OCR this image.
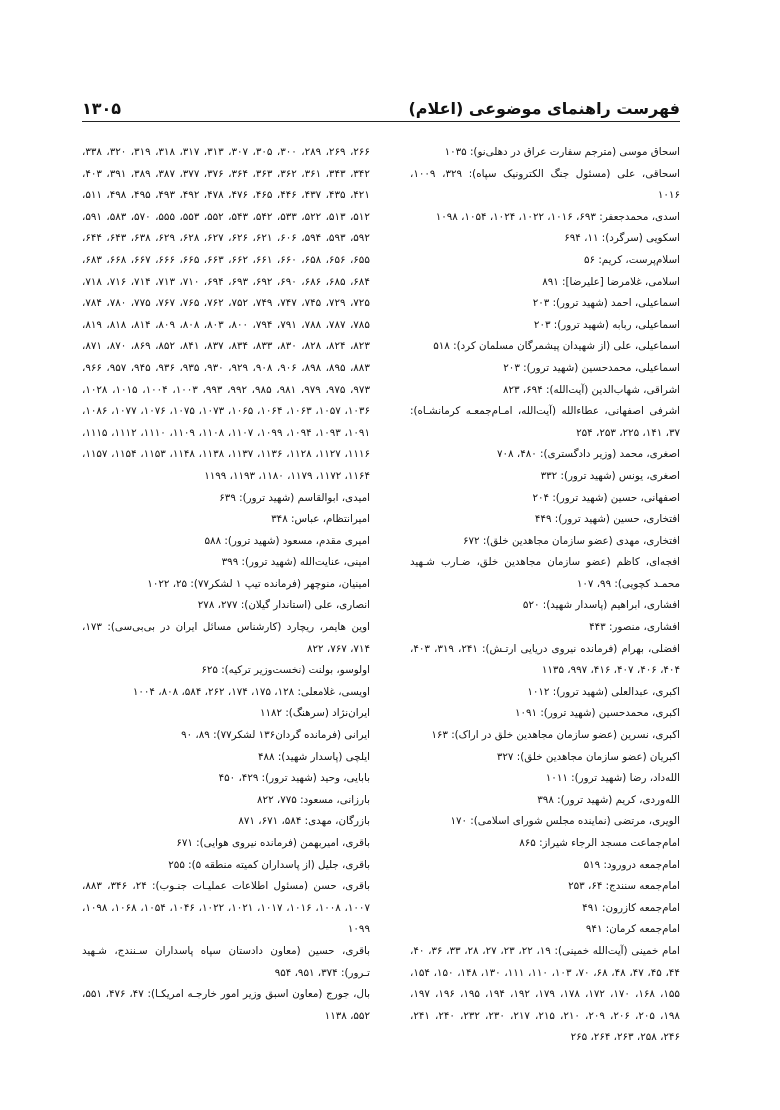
فهرست راهنمای موضوعی (اعلام)
۱۳۰۵

اسحاق موسی (مترجم سفارت عراق در دهلی‌نو): ۱۰۳۵

اسحاقی، علی (مسئول جنگ الکترونیک سپاه): ۳۲۹، ۱۰۰۹، ۱۰۱۶

اسدی، محمدجعفر: ۶۹۳، ۱۰۱۶، ۱۰۲۲، ۱۰۲۴، ۱۰۵۴، ۱۰۹۸

اسکویی (سرگرد): ۱۱، ۶۹۴

اسلام‌پرست، کریم: ۵۶

اسلامی، غلامرضا [علیرضا]: ۸۹۱

اسماعیلی، احمد (شهید ترور): ۲۰۳

اسماعیلی، ربابه (شهید ترور): ۲۰۳

اسماعیلی، علی (از شهیدان پیشمرگان مسلمان کرد): ۵۱۸

اسماعیلی، محمدحسین (شهید ترور): ۲۰۳

اشراقی، شهاب‌الدین (آیت‌الله): ۶۹۴، ۸۲۳

اشرفی اصفهانی، عطاءالله (آیت‌الله، امـام‌جمعـه کرمانشـاه): ۳۷، ۱۴۱، ۲۲۵، ۲۵۳، ۲۵۴

اصغری، محمد (وزیر دادگستری): ۴۸۰، ۷۰۸

اصغری، یونس (شهید ترور): ۳۳۲

اصفهانی، حسین (شهید ترور): ۲۰۴

افتخاری، حسین (شهید ترور): ۴۴۹

افتخاری، مهدی (عضو سازمان مجاهدین خلق): ۶۷۲

افجه‌ای، کاظم (عضو سازمان مجاهدین خلق، ضـارب شـهید محمـد کچویی): ۹۹، ۱۰۷

افشاری، ابراهیم (پاسدار شهید): ۵۲۰

افشاری، منصور: ۴۴۳

افضلی، بهرام (فرمانده نیروی دریایی ارتـش): ۲۴۱، ۳۱۹، ۴۰۳، ۴۰۴، ۴۰۶، ۴۰۷، ۴۱۶، ۹۹۷، ۱۱۳۵

اکبری، عبدالعلی (شهید ترور): ۱۰۱۲

اکبری، محمدحسین (شهید ترور): ۱۰۹۱

اکبری، نسرین (عضو سازمان مجاهدین خلق در اراک): ۱۶۳

اکبریان (عضو سازمان مجاهدین خلق): ۳۲۷

الله‌داد، رضا (شهید ترور): ۱۰۱۱

الله‌وردی، کریم (شهید ترور): ۳۹۸

الویری، مرتضی (نماینده مجلس شورای اسلامی): ۱۷۰

امام‌جماعت مسجد الرجاء شیراز: ۸۶۵

امام‌جمعه درورود: ۵۱۹

امام‌جمعه سنندج: ۶۴، ۲۵۳

امام‌جمعه کازرون: ۴۹۱

امام‌جمعه کرمان: ۹۴۱

امام خمینی (آیت‌الله خمینی): ۱۹، ۲۲، ۲۳، ۲۷، ۲۸، ۳۳، ۳۶، ۴۰، ۴۴، ۴۵، ۴۷، ۴۸، ۶۸، ۷۰، ۱۰۳، ۱۱۰، ۱۱۱، ۱۳۰، ۱۴۸، ۱۵۰، ۱۵۴، ۱۵۵، ۱۶۸، ۱۷۰، ۱۷۲، ۱۷۸، ۱۷۹، ۱۹۲، ۱۹۴، ۱۹۵، ۱۹۶، ۱۹۷، ۱۹۸، ۲۰۵، ۲۰۶، ۲۰۹، ۲۱۰، ۲۱۵، ۲۱۷، ۲۳۰، ۲۳۲، ۲۴۰، ۲۴۱، ۲۴۶، ۲۵۸، ۲۶۳، ۲۶۴، ۲۶۵

۲۶۶، ۲۶۹، ۲۸۹، ۳۰۰، ۳۰۵، ۳۰۷، ۳۱۳، ۳۱۷، ۳۱۸، ۳۱۹، ۳۲۰، ۳۳۸، ۳۴۲، ۳۴۳، ۳۶۱، ۳۶۲، ۳۶۳، ۳۶۴، ۳۷۶، ۳۷۷، ۳۸۷، ۳۸۹، ۳۹۱، ۴۰۳، ۴۲۱، ۴۳۵، ۴۳۷، ۴۴۶، ۴۶۵، ۴۷۶، ۴۷۸، ۴۹۲، ۴۹۳، ۴۹۵، ۴۹۸، ۵۱۱، ۵۱۲، ۵۱۳، ۵۲۲، ۵۳۳، ۵۴۲، ۵۴۳، ۵۵۲، ۵۵۳، ۵۵۵، ۵۷۰، ۵۸۳، ۵۹۱، ۵۹۲، ۵۹۳، ۵۹۴، ۶۰۶، ۶۲۱، ۶۲۶، ۶۲۷، ۶۲۸، ۶۲۹، ۶۳۸، ۶۴۳، ۶۴۴، ۶۵۵، ۶۵۶، ۶۵۸، ۶۶۰، ۶۶۱، ۶۶۲، ۶۶۳، ۶۶۵، ۶۶۶، ۶۶۷، ۶۶۸، ۶۸۳، ۶۸۴، ۶۸۵، ۶۸۶، ۶۹۰، ۶۹۲، ۶۹۳، ۶۹۴، ۷۱۰، ۷۱۳، ۷۱۴، ۷۱۶، ۷۱۸، ۷۲۵، ۷۲۹، ۷۴۵، ۷۴۷، ۷۴۹، ۷۵۲، ۷۶۲، ۷۶۵، ۷۶۷، ۷۷۵، ۷۸۰، ۷۸۴، ۷۸۵، ۷۸۷، ۷۸۸، ۷۹۱، ۷۹۴، ۸۰۰، ۸۰۳، ۸۰۸، ۸۰۹، ۸۱۴، ۸۱۸، ۸۱۹، ۸۲۳، ۸۲۴، ۸۲۸، ۸۳۰، ۸۳۳، ۸۳۴، ۸۳۷، ۸۴۱، ۸۵۲، ۸۶۹، ۸۷۰، ۸۷۱، ۸۸۳، ۸۹۵، ۸۹۸، ۹۰۶، ۹۰۸، ۹۲۹، ۹۳۰، ۹۳۵، ۹۳۶، ۹۴۵، ۹۵۷، ۹۶۶، ۹۷۳، ۹۷۵، ۹۷۹، ۹۸۱، ۹۸۵، ۹۹۲، ۹۹۳، ۱۰۰۳، ۱۰۰۴، ۱۰۱۵، ۱۰۲۸، ۱۰۳۶، ۱۰۵۷، ۱۰۶۳، ۱۰۶۴، ۱۰۶۵، ۱۰۷۳، ۱۰۷۵، ۱۰۷۶، ۱۰۷۷، ۱۰۸۶، ۱۰۹۱، ۱۰۹۳، ۱۰۹۴، ۱۰۹۹، ۱۱۰۷، ۱۱۰۸، ۱۱۰۹، ۱۱۱۰، ۱۱۱۲، ۱۱۱۵، ۱۱۱۶، ۱۱۲۷، ۱۱۲۸، ۱۱۳۶، ۱۱۳۷، ۱۱۳۸، ۱۱۴۸، ۱۱۵۳، ۱۱۵۴، ۱۱۵۷، ۱۱۶۴، ۱۱۷۲، ۱۱۷۹، ۱۱۸۰، ۱۱۹۳، ۱۱۹۹

امیدی، ابوالقاسم (شهید ترور): ۶۳۹

امیرانتظام، عباس: ۳۴۸

امیری مقدم، مسعود (شهید ترور): ۵۸۸

امینی، عنایت‌الله (شهید ترور): ۳۹۹

امینیان، منوچهر (فرمانده تیپ ۱ لشکر۷۷): ۲۵، ۱۰۲۲

انصاری، علی (استاندار گیلان): ۲۷۷، ۲۷۸

اوین هایمر، ریچارد (کارشناس مسائل ایران در بی‌بی‌سی): ۱۷۳، ۷۱۴، ۷۶۷، ۸۲۲

اولوسو، بولنت (نخست‌وزیر ترکیه): ۶۲۵

اویسی، غلامعلی: ۱۲۸، ۱۷۵، ۱۷۴، ۲۶۲، ۵۸۴، ۸۰۸، ۱۰۰۴

ایران‌نژاد (سرهنگ): ۱۱۸۲

ایرانی (فرمانده گردان۱۳۶ لشکر۷۷): ۸۹، ۹۰

ایلچی (پاسدار شهید): ۴۸۸

بابایی، وحید (شهید ترور): ۴۲۹، ۴۵۰

بارزانی، مسعود: ۷۷۵، ۸۲۲

بازرگان، مهدی: ۵۸۴، ۶۷۱، ۸۷۱

باقری، امیربهمن (فرمانده نیروی هوایی): ۶۷۱

باقری، جلیل (از پاسداران کمیته منطقه ۵): ۲۵۵

باقری، حسن (مسئول اطلاعات عملیـات جنـوب): ۲۴، ۳۴۶، ۸۸۳، ۱۰۰۷، ۱۰۰۸، ۱۰۱۶، ۱۰۱۷، ۱۰۲۱، ۱۰۲۲، ۱۰۴۶، ۱۰۵۴، ۱۰۶۸، ۱۰۹۸، ۱۰۹۹

باقری، حسین (معاون دادستان سپاه پاسداران سـنندج، شـهید تـرور): ۳۷۴، ۹۵۱، ۹۵۴

بال، جورج (معاون اسبق وزیر امور خارجـه امریکـا): ۴۷، ۴۷۶، ۵۵۱، ۵۵۲، ۱۱۳۸
